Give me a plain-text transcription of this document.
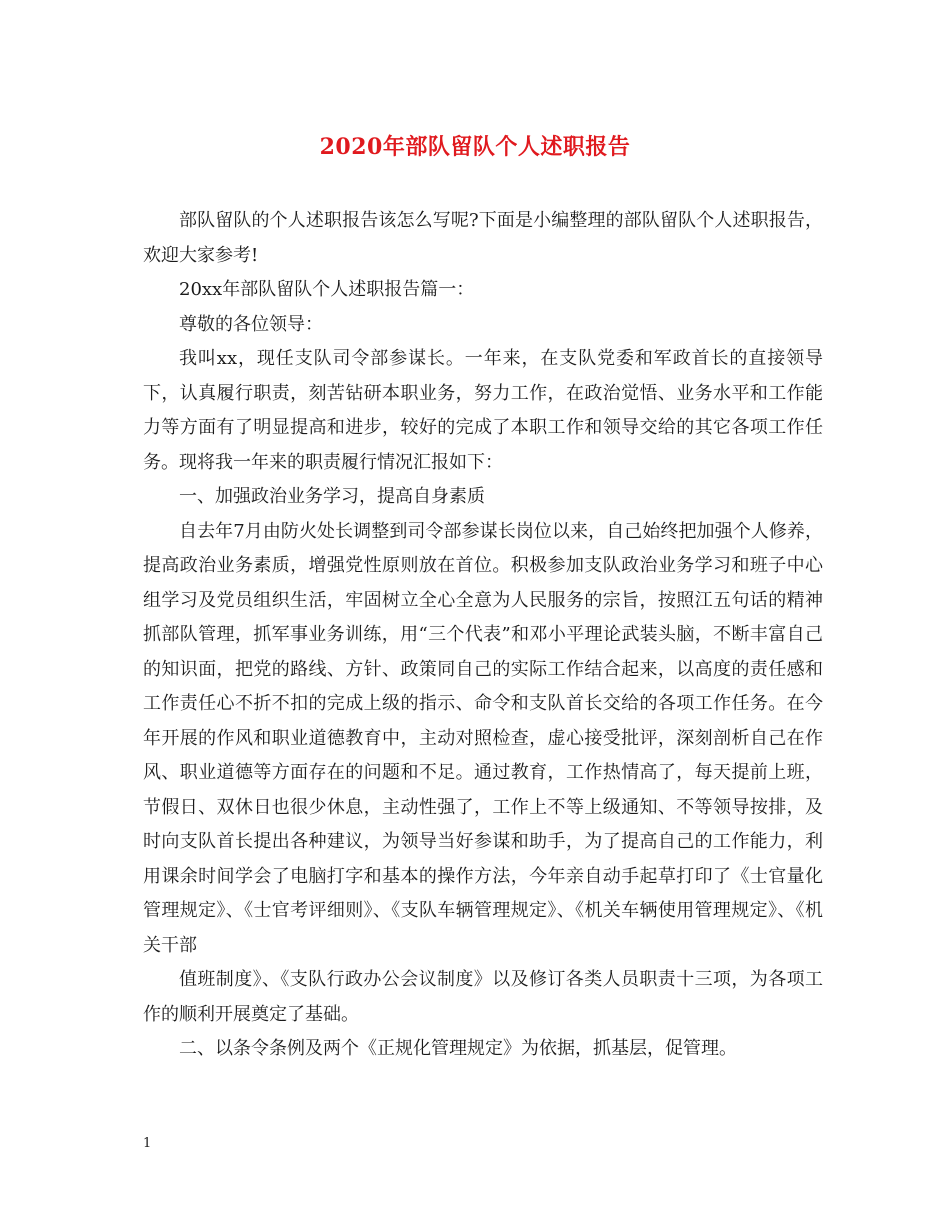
2020年部队留队个人述职报告

部队留队的个人述职报告该怎么写呢?下面是小编整理的部队留队个人述职报告，欢迎大家参考!

20xx年部队留队个人述职报告篇一：

尊敬的各位领导：

我叫xx，现任支队司令部参谋长。一年来，在支队党委和军政首长的直接领导下，认真履行职责，刻苦钻研本职业务，努力工作，在政治觉悟、业务水平和工作能力等方面有了明显提高和进步，较好的完成了本职工作和领导交给的其它各项工作任务。现将我一年来的职责履行情况汇报如下：

一、加强政治业务学习，提高自身素质

自去年7月由防火处长调整到司令部参谋长岗位以来，自己始终把加强个人修养，提高政治业务素质，增强党性原则放在首位。积极参加支队政治业务学习和班子中心组学习及党员组织生活，牢固树立全心全意为人民服务的宗旨，按照江五句话的精神抓部队管理，抓军事业务训练，用“三个代表”和邓小平理论武装头脑，不断丰富自己的知识面，把党的路线、方针、政策同自己的实际工作结合起来，以高度的责任感和工作责任心不折不扣的完成上级的指示、命令和支队首长交给的各项工作任务。在今年开展的作风和职业道德教育中，主动对照检查，虚心接受批评，深刻剖析自己在作风、职业道德等方面存在的问题和不足。通过教育，工作热情高了，每天提前上班，节假日、双休日也很少休息，主动性强了，工作上不等上级通知、不等领导按排，及时向支队首长提出各种建议，为领导当好参谋和助手，为了提高自己的工作能力，利用课余时间学会了电脑打字和基本的操作方法，今年亲自动手起草打印了《士官量化管理规定》、《士官考评细则》、《支队车辆管理规定》、《机关车辆使用管理规定》、《机关干部

值班制度》、《支队行政办公会议制度》以及修订各类人员职责十三项，为各项工作的顺利开展奠定了基础。

二、以条令条例及两个《正规化管理规定》为依据，抓基层，促管理。

1
